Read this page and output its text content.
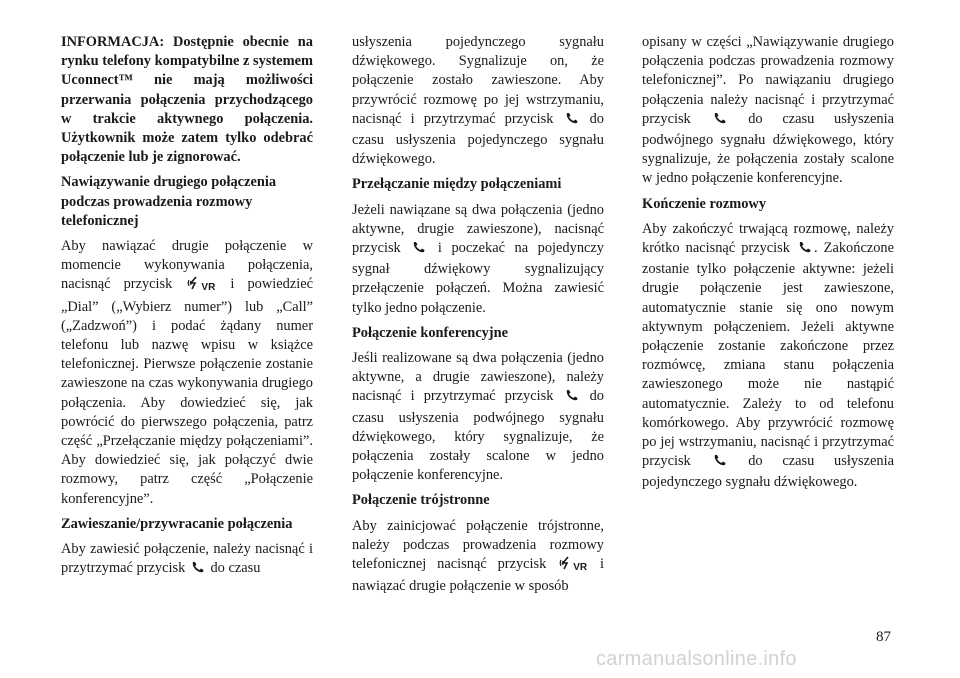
INFORMACJA: Dostępnie obecnie na rynku telefony kompatybilne z systemem Uconnect™ nie mają możliwości przerwania połączenia przychodzącego w trakcie aktywnego połączenia. Użytkownik może zatem tylko odebrać połączenie lub je zignorować.

Nawiązywanie drugiego połączenia podczas prowadzenia rozmowy telefonicznej

Aby nawiązać drugie połączenie w momencie wykonywania połączenia, nacisnąć przycisk	VR i powiedzieć „Dial” („Wybierz numer”) lub „Call” („Zadzwoń”) i podać żądany numer telefonu lub nazwę wpisu w książce telefonicznej. Pierwsze połączenie zostanie zawieszone na czas wykonywania drugiego połączenia. Aby dowiedzieć się, jak powrócić do pierwszego połączenia, patrz część „Przełączanie między połączeniami”. Aby dowiedzieć się, jak połączyć dwie rozmowy, patrz część „Połączenie konferencyjne”.

Zawieszanie/przywracanie połączenia

Aby zawiesić połączenie, należy nacisnąć i przytrzymać przycisk do czasu

usłyszenia pojedynczego sygnału dźwiękowego. Sygnalizuje on, że połączenie zostało zawieszone. Aby przywrócić rozmowę po jej wstrzymaniu, nacisnąć i przytrzymać przycisk	do czasu usłyszenia pojedynczego sygnału dźwiękowego.

Przełączanie między połączeniami

Jeżeli nawiązane są dwa połączenia (jedno aktywne, drugie zawieszone), nacisnąć przycisk	i poczekać na pojedynczy sygnał dźwiękowy sygnalizujący przełączenie połączeń. Można zawiesić tylko jedno połączenie.

Połączenie konferencyjne

Jeśli realizowane są dwa połączenia (jedno aktywne, a drugie zawieszone), należy nacisnąć i przytrzymać przycisk	do czasu usłyszenia podwójnego sygnału dźwiękowego, który sygnalizuje, że połączenia zostały scalone w jedno połączenie konferencyjne.

Połączenie trójstronne

Aby zainicjować połączenie trójstronne, należy podczas prowadzenia rozmowy telefonicznej nacisnąć przycisk	VR i nawiązać drugie połączenie w sposób

opisany w części „Nawiązywanie drugiego połączenia podczas prowadzenia rozmowy telefonicznej”. Po nawiązaniu drugiego połączenia należy nacisnąć i przytrzymać przycisk	do czasu usłyszenia podwójnego sygnału dźwiękowego, który sygnalizuje, że połączenia zostały scalone w jedno połączenie konferencyjne.

Kończenie rozmowy

Aby zakończyć trwającą rozmowę, należy krótko nacisnąć przycisk . Zakończone zostanie tylko połączenie aktywne: jeżeli drugie połączenie jest zawieszone, automatycznie stanie się ono nowym aktywnym połączeniem. Jeżeli aktywne połączenie zostanie zakończone przez rozmówcę, zmiana stanu połączenia zawieszonego może nie nastąpić automatycznie. Zależy to od telefonu komórkowego. Aby przywrócić rozmowę po jej wstrzymaniu, nacisnąć i przytrzymać przycisk	do czasu usłyszenia pojedynczego sygnału dźwiękowego.

87
carmanualsonline.info
